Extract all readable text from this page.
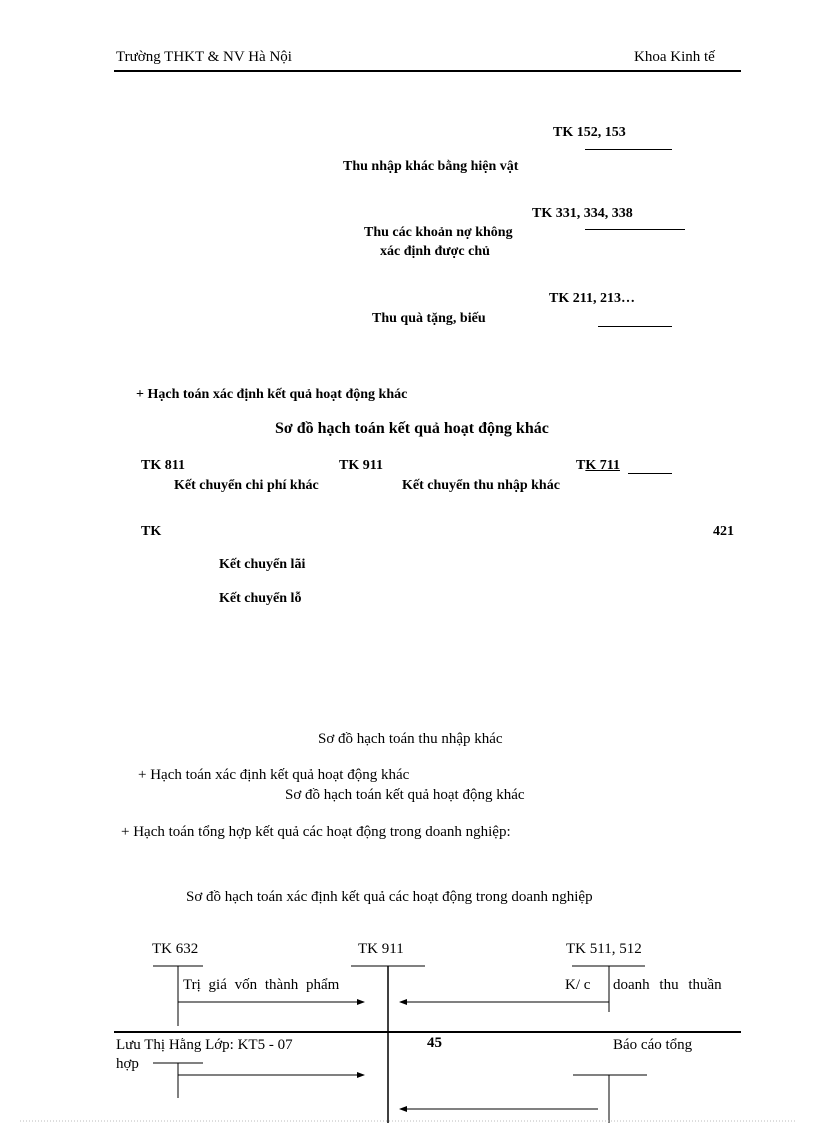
Trường THKT & NV Hà Nội	Khoa Kinh tế
TK 152, 153
Thu nhập khác bằng hiện vật
TK 331, 334, 338
Thu các khoản nợ không
xác định được chủ
TK 211, 213…
Thu quà tặng, biếu
+ Hạch toán xác định kết quả hoạt động khác
Sơ đồ hạch toán kết quả hoạt động khác
TK 811	TK 911	TK 711
Kết chuyển chi phí khác	Kết chuyển thu nhập khác
TK	421
Kết chuyển lãi
Kết chuyển lỗ
Sơ đồ hạch toán thu nhập khác
+ Hạch toán xác định kết quả hoạt động khác
Sơ đồ hạch toán kết quả hoạt động khác
+ Hạch toán tổng hợp kết quả các hoạt động trong doanh nghiệp:
Sơ đồ hạch toán xác định kết quả các hoạt động trong doanh nghiệp
TK 632	TK 911	TK 511, 512
Trị giá vốn thành phẩm	K/ c doanh thu thuần
Lưu Thị Hằng Lớp: KT5 - 07	45	Báo cáo tổng
hợp
